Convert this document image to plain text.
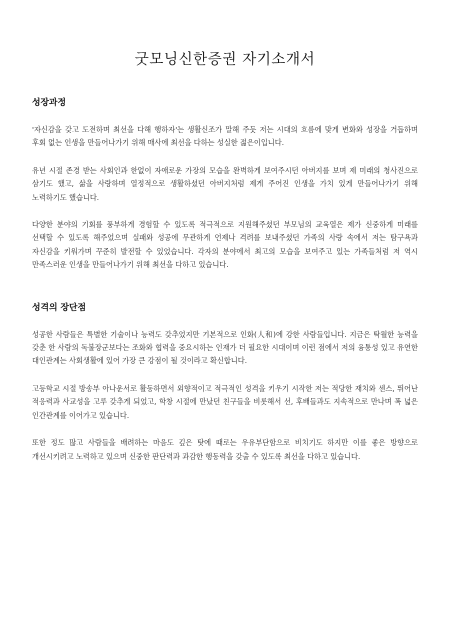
굿모닝신한증권 자기소개서
성장과정

'자신감을 갖고 도전하며 최선을 다해 행하자'는 생활신조가 말해 주듯 저는 시대의 흐름에 맞게 변화와 성장을 거듭하며 후회 없는 인생을 만들어나가기 위해 매사에 최선을 다하는 성실한 젊은이입니다.

유년 시절 존경 받는 사회인과 한없이 자애로운 가장의 모습을 완벽하게 보여주시던 아버지를 보며 제 미래의 청사진으로 삼기도 했고, 삶을 사랑하며 열정적으로 생활하셨던 아버지처럼 제게 주어진 인생을 가치 있게 만들어나가기 위해 노력하기도 했습니다.

다양한 분야의 기회를 풍부하게 경험할 수 있도록 적극적으로 지원해주셨던 부모님의 교육열은 제가 신중하게 미래를 선택할 수 있도록 해주었으며 실패와 성공에 무관하게 언제나 격려를 보내주셨던 가족의 사랑 속에서 저는 탐구욕과 자신감을 키워가며 꾸준히 발전할 수 있었습니다. 각자의 분야에서 최고의 모습을 보여주고 있는 가족들처럼 저 역시 만족스러운 인생을 만들어나가기 위해 최선을 다하고 있습니다.

성격의 장단점

성공한 사람들은 특별한 기술이나 능력도 갖추었지만 기본적으로 인화(人和)에 강한 사람들입니다. 지금은 탁월한 능력을 갖춘 한 사람의 독불장군보다는 조화와 협력을 중요시하는 인재가 더 필요한 시대이며 이런 점에서 저의 융통성 있고 유연한 대인관계는 사회생활에 있어 가장 큰 강점이 될 것이라고 확신합니다.

고등학교 시절 방송부 아나운서로 활동하면서 외향적이고 적극적인 성격을 키우기 시작한 저는 적당한 재치와 센스, 뛰어난 적응력과 사교성을 고루 갖추게 되었고, 학창 시절에 만났던 친구들을 비롯해서 선, 후배들과도 지속적으로 만나며 폭 넓은 인간관계를 이어가고 있습니다.

또한 정도 많고 사람들을 배려하는 마음도 깊은 탓에 때로는 우유부단함으로 비치기도 하지만 이를 좋은 방향으로 개선시키려고 노력하고 있으며 신중한 판단력과 과감한 행동력을 갖출 수 있도록 최선을 다하고 있습니다.
